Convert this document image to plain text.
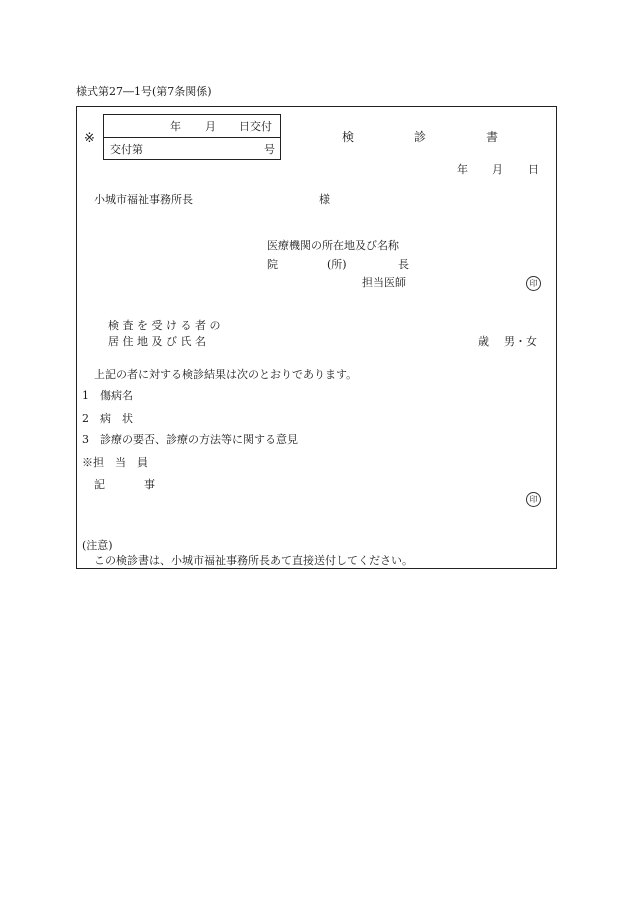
様式第27―1号(第7条関係)
※
年 月 日交付
交付第	号
検	診	書
年 月 日
小城市福祉事務所長	様
医療機関の所在地及び名称
院	(所)	長
担当医師	印
検 査 を 受 け る 者 の
居 住 地 及 び 氏 名	歳 男・女
上記の者に対する検診結果は次のとおりであります。
1 傷病名
2 病　状
3 診療の要否、診療の方法等に関する意見
※担　当　員
記	事
印
(注意)
この検診書は、小城市福祉事務所長あて直接送付してください。
